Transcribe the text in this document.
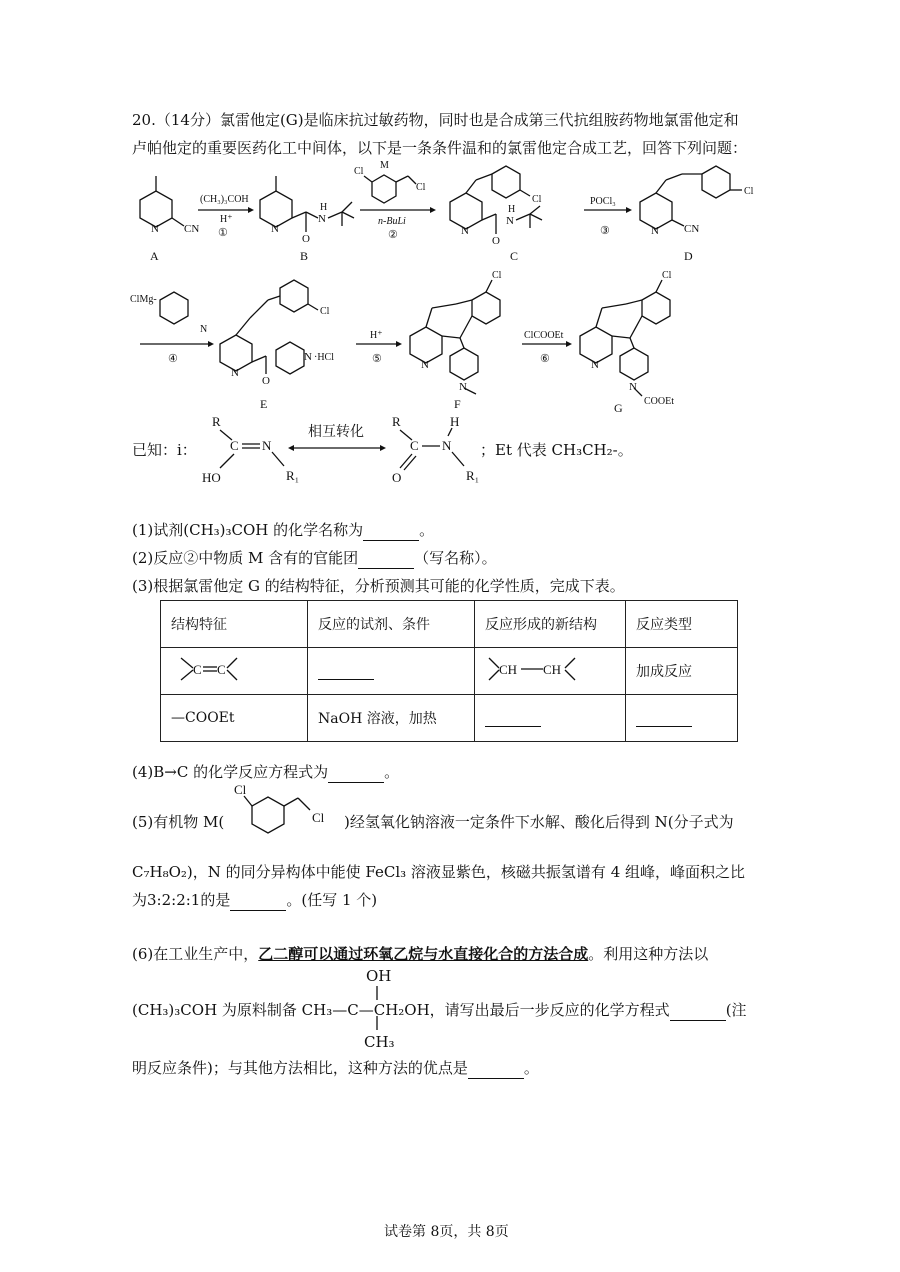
20.（14分）氯雷他定(G)是临床抗过敏药物，同时也是合成第三代抗组胺药物地氯雷他定和
卢帕他定的重要医药化工中间体，以下是一条条件温和的氯雷他定合成工艺，回答下列问题：
N CN
A
(CH₃)₃COH
H⁺
①	N
O
N
H
B
Cl
Cl
M
n-BuLi
②
Cl
N
O
N
H
C
POCl₃
③
Cl
N CN
D
ClMg-
N
④
Cl
N
O
N ·HCl
E
H⁺
⑤
Cl
N
N
F
ClCOOEt
⑥
Cl
N
N
COOEt
G
已知：i：
R
C N
HO	R₁
相互转化
R
C N
H
O	R₁
；Et 代表 CH₃CH₂-。
(1)试剂(CH₃)₃COH 的化学名称为	。
(2)反应②中物质 M 含有的官能团	（写名称）。
(3)根据氯雷他定 G 的结构特征，分析预测其可能的化学性质，完成下表。
结构特征	反应的试剂、条件	反应形成的新结构	反应类型

C C		CH CH	加成反应
—COOEt	NaOH 溶液，加热		
(4)B→C 的化学反应方程式为	。
(5)有机物 M(
Cl
Cl )经氢氧化钠溶液一定条件下水解、酸化后得到 N(分子式为
C₇H₈O₂)，N 的同分异构体中能使 FeCl₃ 溶液显紫色，核磁共振氢谱有 4 组峰，峰面积之比
为3:2:2:1的是	。(任写 1 个)
(6)在工业生产中，乙二醇可以通过环氧乙烷与水直接化合的方法合成。利用这种方法以
OH
(CH₃)₃COH 为原料制备 CH₃—C—CH₂OH，请写出最后一步反应的化学方程式	(注
CH₃
明反应条件)；与其他方法相比，这种方法的优点是	。
试卷第 8页，共 8页
